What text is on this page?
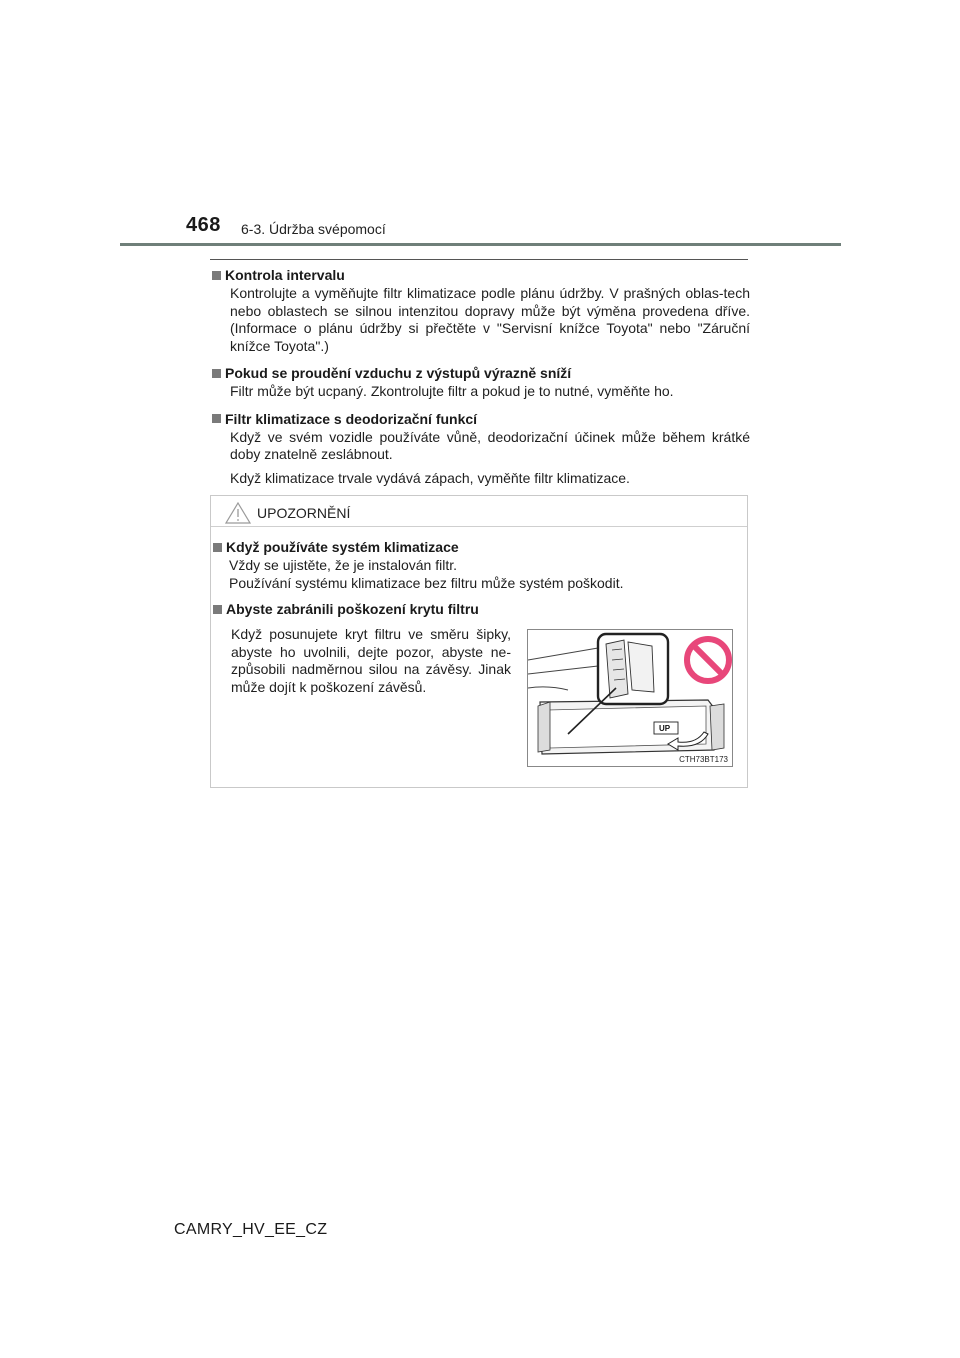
468 6-3. Údržba svépomocí
Kontrola intervalu

Kontrolujte a vyměňujte filtr klimatizace podle plánu údržby. V prašných oblas-tech nebo oblastech se silnou intenzitou dopravy může být výměna provedena dříve. (Informace o plánu údržby si přečtěte v "Servisní knížce Toyota" nebo "Záruční knížce Toyota".)

Pokud se proudění vzduchu z výstupů výrazně sníží

Filtr může být ucpaný. Zkontrolujte filtr a pokud je to nutné, vyměňte ho.

Filtr klimatizace s deodorizační funkcí

Když ve svém vozidle používáte vůně, deodorizační účinek může během krátké doby znatelně zeslábnout.

Když klimatizace trvale vydává zápach, vyměňte filtr klimatizace.

UPOZORNĚNÍ
Když používáte systém klimatizace

Vždy se ujistěte, že je instalován filtr.

Používání systému klimatizace bez filtru může systém poškodit.

Abyste zabránili poškození krytu filtru
Když posunujete kryt filtru ve směru šipky, abyste ho uvolnili, dejte pozor, abyste ne-způsobili nadměrnou silou na závěsy. Jinak může dojít k poškození závěsů.
UP
CTH73BT173
CAMRY_HV_EE_CZ
